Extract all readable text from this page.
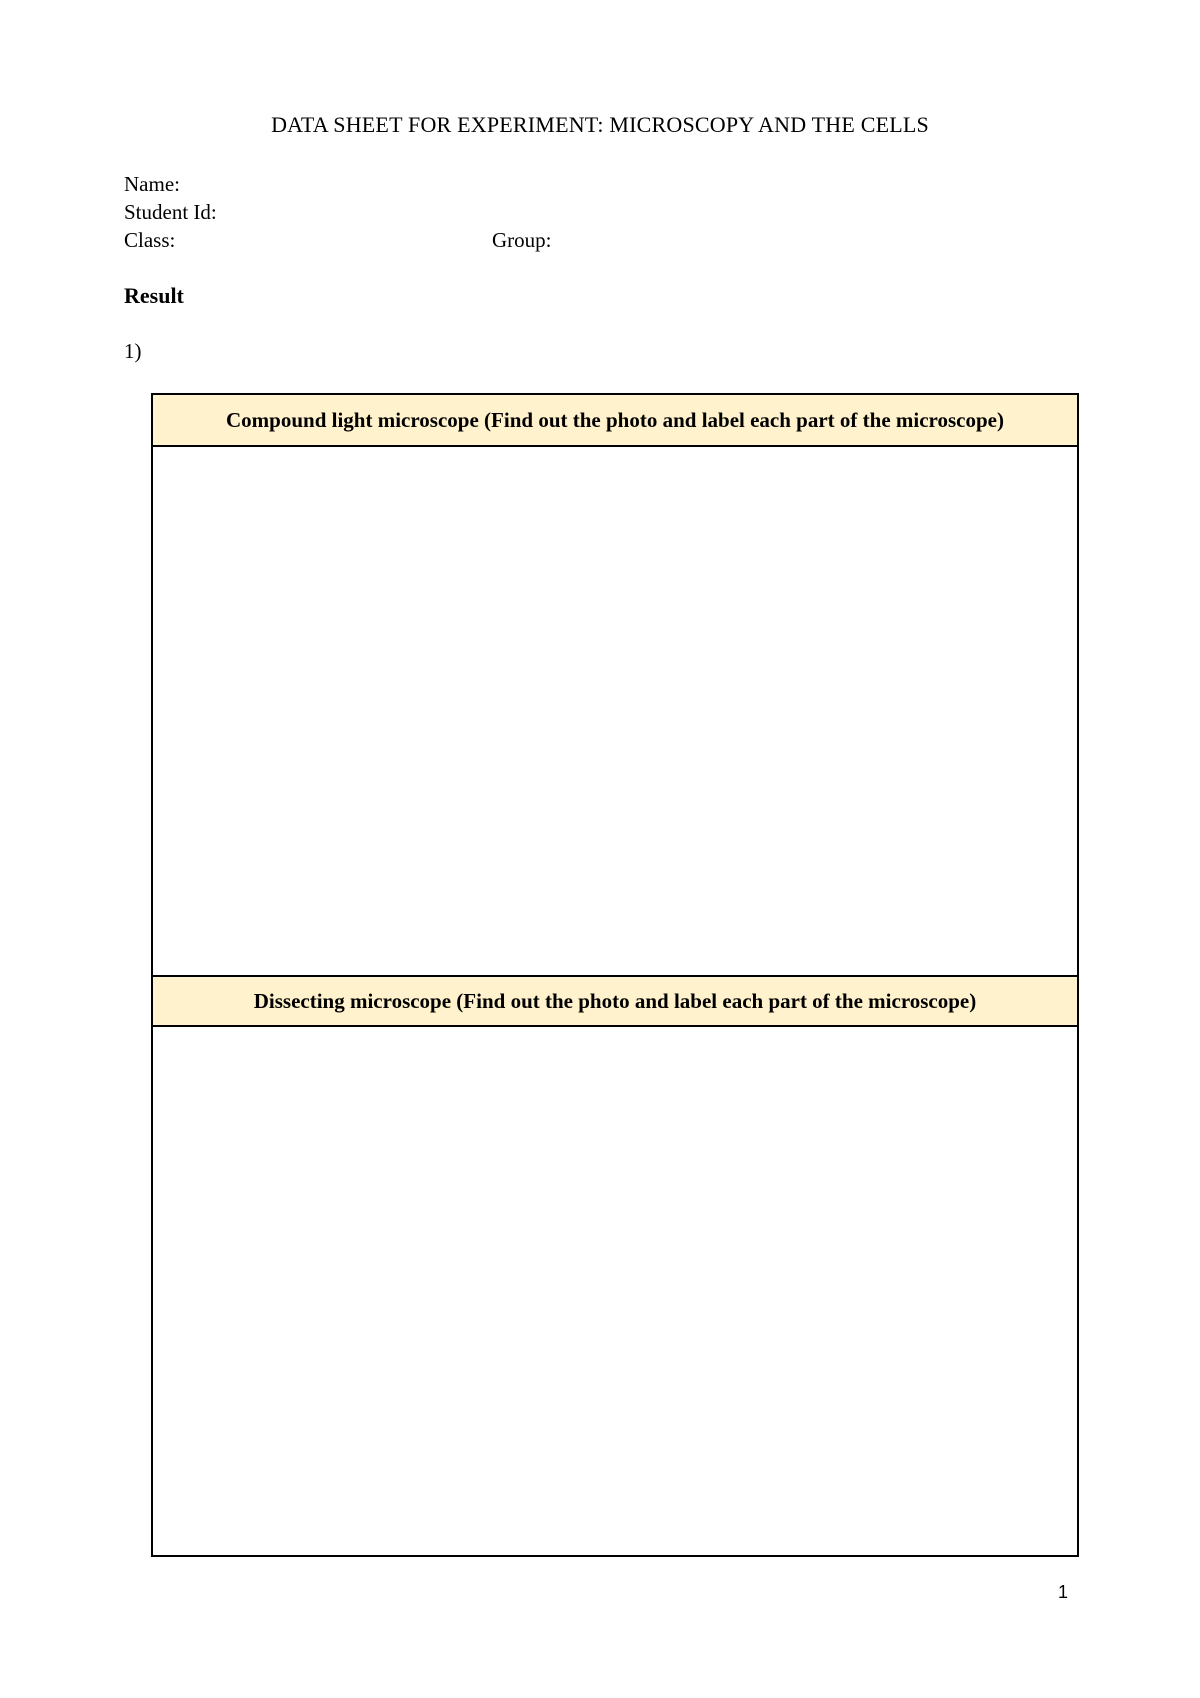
DATA SHEET FOR EXPERIMENT: MICROSCOPY AND THE CELLS
Name:
Student Id:
Class:	Group:
Result
1)
Compound light microscope (Find out the photo and label each part of the microscope)
Dissecting microscope (Find out the photo and label each part of the microscope)
1
